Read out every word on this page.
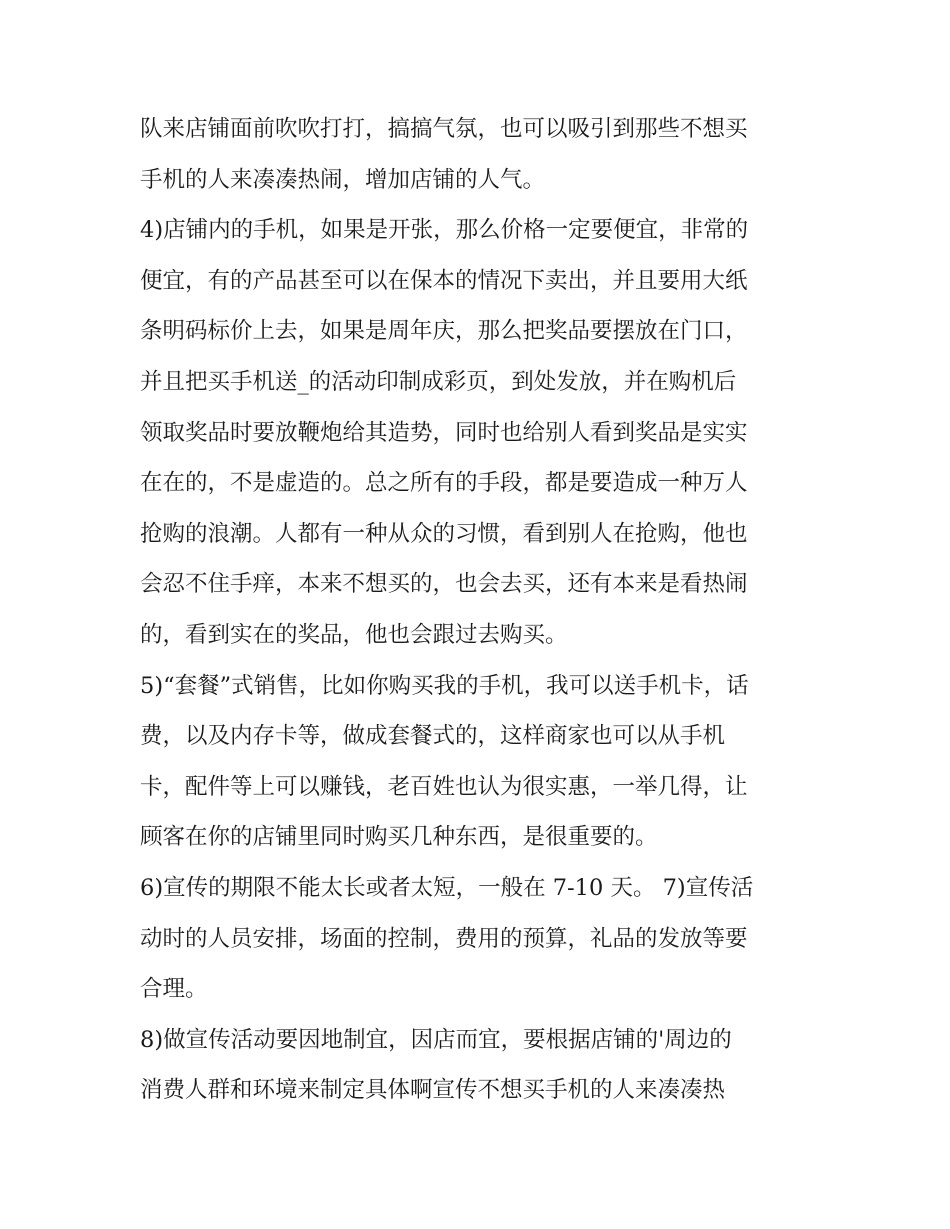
队来店铺面前吹吹打打，搞搞气氛，也可以吸引到那些不想买
手机的人来凑凑热闹，增加店铺的人气。
4)店铺内的手机，如果是开张，那么价格一定要便宜，非常的
便宜，有的产品甚至可以在保本的情况下卖出，并且要用大纸
条明码标价上去，如果是周年庆，那么把奖品要摆放在门口，
并且把买手机送_的活动印制成彩页，到处发放，并在购机后
领取奖品时要放鞭炮给其造势，同时也给别人看到奖品是实实
在在的，不是虚造的。总之所有的手段，都是要造成一种万人
抢购的浪潮。人都有一种从众的习惯，看到别人在抢购，他也
会忍不住手痒，本来不想买的，也会去买，还有本来是看热闹
的，看到实在的奖品，他也会跟过去购买。
5)“套餐”式销售，比如你购买我的手机，我可以送手机卡，话
费，以及内存卡等，做成套餐式的，这样商家也可以从手机
卡，配件等上可以赚钱，老百姓也认为很实惠，一举几得，让
顾客在你的店铺里同时购买几种东西，是很重要的。
6)宣传的期限不能太长或者太短，一般在 7-10 天。 7)宣传活
动时的人员安排，场面的控制，费用的预算，礼品的发放等要
合理。
8)做宣传活动要因地制宜，因店而宜，要根据店铺的'周边的
消费人群和环境来制定具体啊宣传不想买手机的人来凑凑热
